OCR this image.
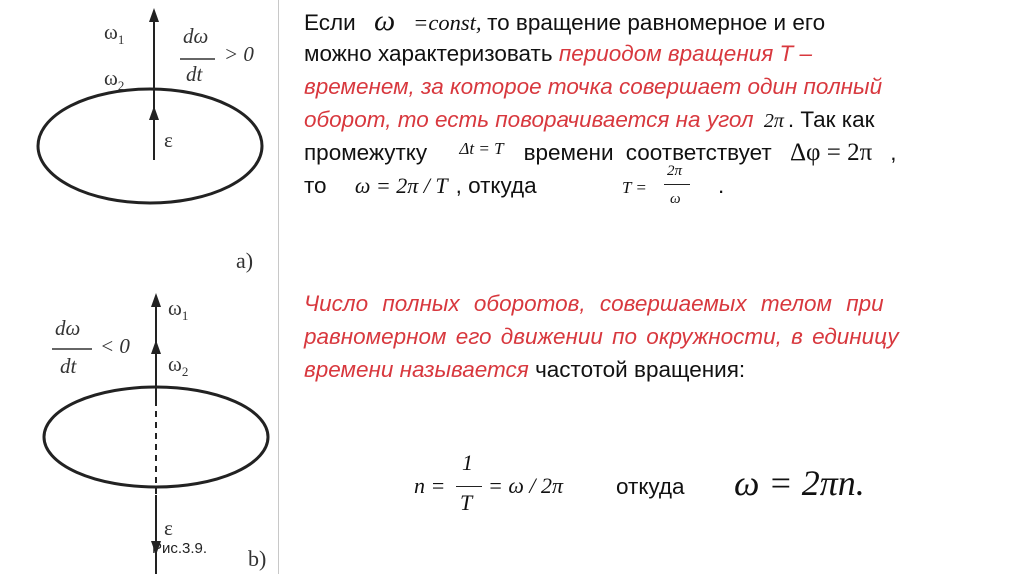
$\omega_1$
$\omega_2$
dω
dt
> 0
ε
а)
$\omega_1$
$\omega_2$
dω
dt
< 0
ε
Рис.3.9. b)
Если ω =const, то вращение равномерное и его
можно характеризовать периодом вращения Т –
временем, за которое точка совершает один полный
оборот, то есть поворачивается на угол 2π . Так как
промежутку $^{\Delta t = T}$ времени соответствует Δφ = 2π ,
то ω = 2π / T , откуда	T =
2π
ω
.
Число полных оборотов, совершаемых телом при
равномерном его движении по окружности, в единицу
времени называется частотой вращения:
n =
1
T
= ω / 2π откуда ω = 2πn.
